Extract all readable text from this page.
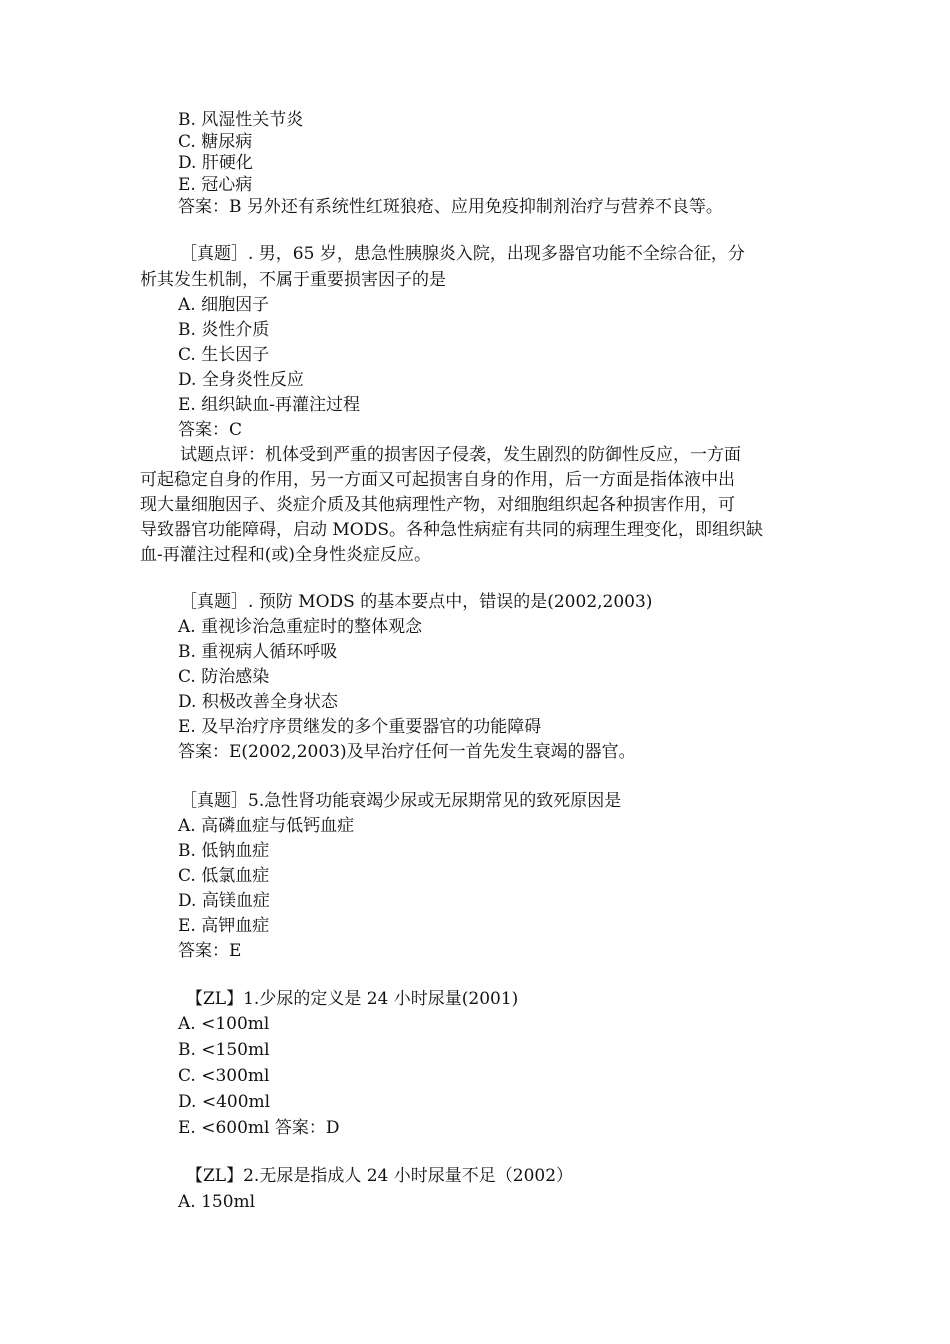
B. 风湿性关节炎
C. 糖尿病
D. 肝硬化
E. 冠心病
答案：B 另外还有系统性红斑狼疮、应用免疫抑制剂治疗与营养不良等。
［真题］. 男，65 岁，患急性胰腺炎入院，出现多器官功能不全综合征，分
析其发生机制，不属于重要损害因子的是
A. 细胞因子
B. 炎性介质
C. 生长因子
D. 全身炎性反应
E. 组织缺血-再灌注过程
答案：C
试题点评：机体受到严重的损害因子侵袭，发生剧烈的防御性反应，一方面
可起稳定自身的作用，另一方面又可起损害自身的作用，后一方面是指体液中出
现大量细胞因子、炎症介质及其他病理性产物，对细胞组织起各种损害作用，可
导致器官功能障碍，启动 MODS。各种急性病症有共同的病理生理变化，即组织缺
血-再灌注过程和(或)全身性炎症反应。
［真题］. 预防 MODS 的基本要点中，错误的是(2002,2003)
A. 重视诊治急重症时的整体观念
B. 重视病人循环呼吸
C. 防治感染
D. 积极改善全身状态
E. 及早治疗序贯继发的多个重要器官的功能障碍
答案：E(2002,2003)及早治疗任何一首先发生衰竭的器官。
［真题］5.急性肾功能衰竭少尿或无尿期常见的致死原因是
A. 高磷血症与低钙血症
B. 低钠血症
C. 低氯血症
D. 高镁血症
E. 高钾血症
答案：E
【ZL】1.少尿的定义是 24 小时尿量(2001)
A. <100ml
B. <150ml
C. <300ml
D. <400ml
E. <600ml 答案：D
【ZL】2.无尿是指成人 24 小时尿量不足（2002）
A. 150ml
